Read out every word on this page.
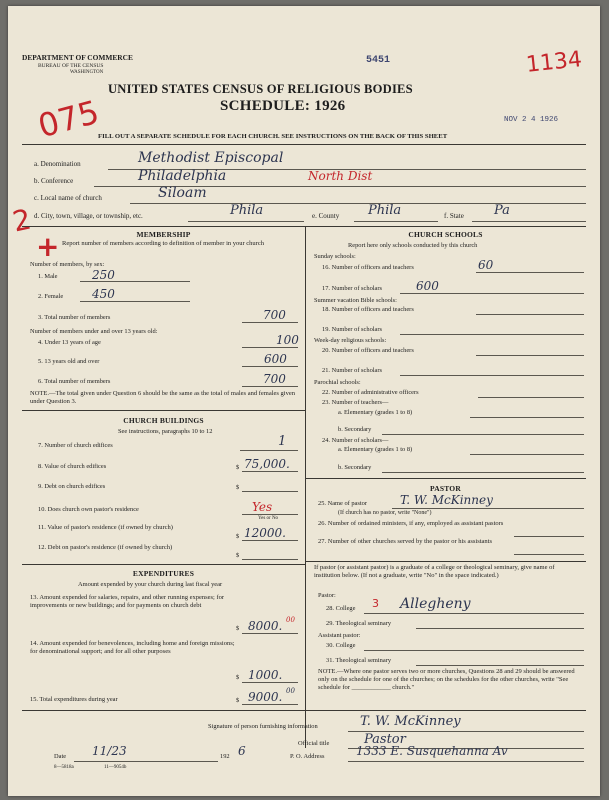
DEPARTMENT OF COMMERCE
BUREAU OF THE CENSUS
WASHINGTON
5451
UNITED STATES CENSUS OF RELIGIOUS BODIES
SCHEDULE: 1926
NOV 2 4 1926
FILL OUT A SEPARATE SCHEDULE FOR EACH CHURCH. SEE INSTRUCTIONS ON THE BACK OF THIS SHEET
075
1134
2
+
a. Denomination	Methodist Episcopal
b. Conference	Philadelphia	North Dist
c. Local name of church	Siloam
d. City, town, village, or township, etc.	Phila	e. County Phila	f. State Pa
MEMBERSHIP
Report number of members according to definition of member in your church
Number of members, by sex:
1. Male	250
2. Female 450
3. Total number of members	700
Number of members under and over 13 years old:
4. Under 13 years of age	100
5. 13 years old and over	600
6. Total number of members	700
NOTE.—The total given under Question 6 should be the same as the total of males and females given under Question 3.
CHURCH BUILDINGS
See instructions, paragraphs 10 to 12
7. Number of church edifices	1
8. Value of church edifices	$ 75,000.
9. Debt on church edifices	$
10. Does church own pastor's residence	Yes
Yes or No
11. Value of pastor's residence (if owned by church)
$ 12000.
12. Debt on pastor's residence (if owned by church)
$
EXPENDITURES
Amount expended by your church during last fiscal year
13. Amount expended for salaries, repairs, and other running expenses; for improvements or new buildings; and for payments on church debt
$ 8000. 00
14. Amount expended for benevolences, including home and foreign missions; for denominational support; and for all other purposes
$ 1000.
15. Total expenditures during year	$ 9000. 00
CHURCH SCHOOLS
Report here only schools conducted by this church
Sunday schools:
16. Number of officers and teachers	60
17. Number of scholars	600
Summer vacation Bible schools:
18. Number of officers and teachers
19. Number of scholars
Week-day religious schools:
20. Number of officers and teachers
21. Number of scholars
Parochial schools:
22. Number of administrative officers
23. Number of teachers—
a. Elementary (grades 1 to 8)
b. Secondary
24. Number of scholars—
a. Elementary (grades 1 to 8)
b. Secondary
PASTOR
25. Name of pastor	T. W. McKinney
(If church has no pastor, write "None")
26. Number of ordained ministers, if any, employed as assistant pastors
27. Number of other churches served by the pastor or his assistants
If pastor (or assistant pastor) is a graduate of a college or theological seminary, give name of institution below. (If not a graduate, write "No" in the space indicated.)
Pastor:
28. College	Allegheny
3
29. Theological seminary
Assistant pastor:
30. College
31. Theological seminary
NOTE.—Where one pastor serves two or more churches, Questions 28 and 29 should be answered only on the schedule for one of the churches; on the schedules for the other churches, write "See schedule for ____________ church."
Signature of person furnishing information	T. W. McKinney
Official title	Pastor
Date 11/23	192 6	P. O. Address	1333 E. Susquehanna Av
8—5818a	11—9054b
